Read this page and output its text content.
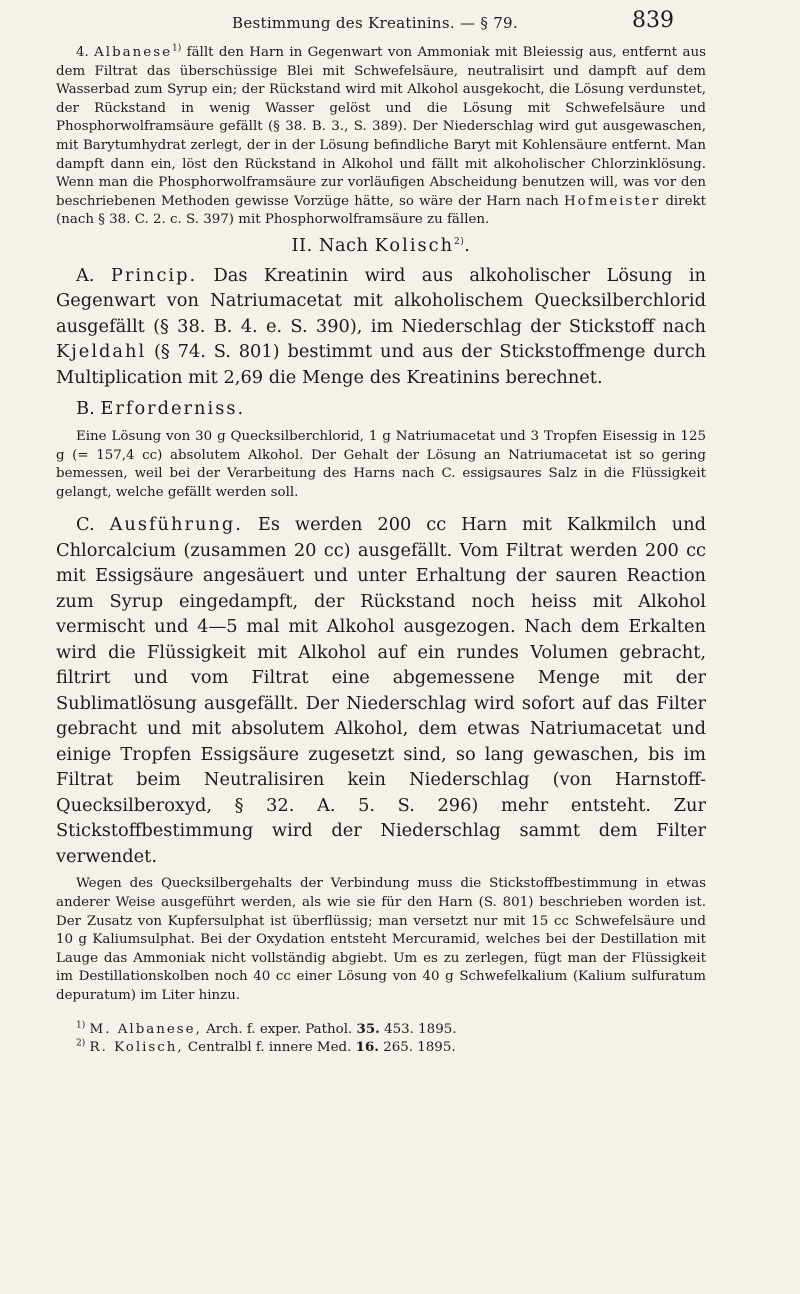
Bestimmung des Kreatinins. — § 79.	839

4. Albanese$^{1)}$ fällt den Harn in Gegenwart von Ammoniak mit Bleiessig aus, entfernt aus dem Filtrat das überschüssige Blei mit Schwefelsäure, neutralisirt und dampft auf dem Wasserbad zum Syrup ein; der Rückstand wird mit Alkohol ausgekocht, die Lösung verdunstet, der Rückstand in wenig Wasser gelöst und die Lösung mit Schwefelsäure und Phosphorwolframsäure gefällt (§ 38. B. 3., S. 389). Der Niederschlag wird gut ausgewaschen, mit Barytumhydrat zerlegt, der in der Lösung befindliche Baryt mit Kohlensäure entfernt. Man dampft dann ein, löst den Rückstand in Alkohol und fällt mit alkoholischer Chlorzinklösung. Wenn man die Phosphorwolframsäure zur vorläufigen Abscheidung benutzen will, was vor den beschriebenen Methoden gewisse Vorzüge hätte, so wäre der Harn nach Hofmeister direkt (nach § 38. C. 2. c. S. 397) mit Phosphorwolframsäure zu fällen.

II. Nach Kolisch$^{2)}$.

A. Princip. Das Kreatinin wird aus alkoholischer Lösung in Gegenwart von Natriumacetat mit alkoholischem Quecksilberchlorid ausgefällt (§ 38. B. 4. e. S. 390), im Niederschlag der Stickstoff nach Kjeldahl (§ 74. S. 801) bestimmt und aus der Stickstoffmenge durch Multiplication mit 2,69 die Menge des Kreatinins berechnet.

B. Erforderniss.

Eine Lösung von 30 g Quecksilberchlorid, 1 g Natriumacetat und 3 Tropfen Eisessig in 125 g (= 157,4 cc) absolutem Alkohol. Der Gehalt der Lösung an Natriumacetat ist so gering bemessen, weil bei der Verarbeitung des Harns nach C. essigsaures Salz in die Flüssigkeit gelangt, welche gefällt werden soll.

C. Ausführung. Es werden 200 cc Harn mit Kalkmilch und Chlorcalcium (zusammen 20 cc) ausgefällt. Vom Filtrat werden 200 cc mit Essigsäure angesäuert und unter Erhaltung der sauren Reaction zum Syrup eingedampft, der Rückstand noch heiss mit Alkohol vermischt und 4—5 mal mit Alkohol ausgezogen. Nach dem Erkalten wird die Flüssigkeit mit Alkohol auf ein rundes Volumen gebracht, filtrirt und vom Filtrat eine abgemessene Menge mit der Sublimatlösung ausgefällt. Der Niederschlag wird sofort auf das Filter gebracht und mit absolutem Alkohol, dem etwas Natriumacetat und einige Tropfen Essigsäure zugesetzt sind, so lang gewaschen, bis im Filtrat beim Neutralisiren kein Niederschlag (von Harnstoff-Quecksilberoxyd, § 32. A. 5. S. 296) mehr entsteht. Zur Stickstoffbestimmung wird der Niederschlag sammt dem Filter verwendet.

Wegen des Quecksilbergehalts der Verbindung muss die Stickstoffbestimmung in etwas anderer Weise ausgeführt werden, als wie sie für den Harn (S. 801) beschrieben worden ist. Der Zusatz von Kupfersulphat ist überflüssig; man versetzt nur mit 15 cc Schwefelsäure und 10 g Kaliumsulphat. Bei der Oxydation entsteht Mercuramid, welches bei der Destillation mit Lauge das Ammoniak nicht vollständig abgiebt. Um es zu zerlegen, fügt man der Flüssigkeit im Destillationskolben noch 40 cc einer Lösung von 40 g Schwefelkalium (Kalium sulfuratum depuratum) im Liter hinzu.

$^{1)}$ M. Albanese, Arch. f. exper. Pathol. 35. 453. 1895.

$^{2)}$ R. Kolisch, Centralbl f. innere Med. 16. 265. 1895.
